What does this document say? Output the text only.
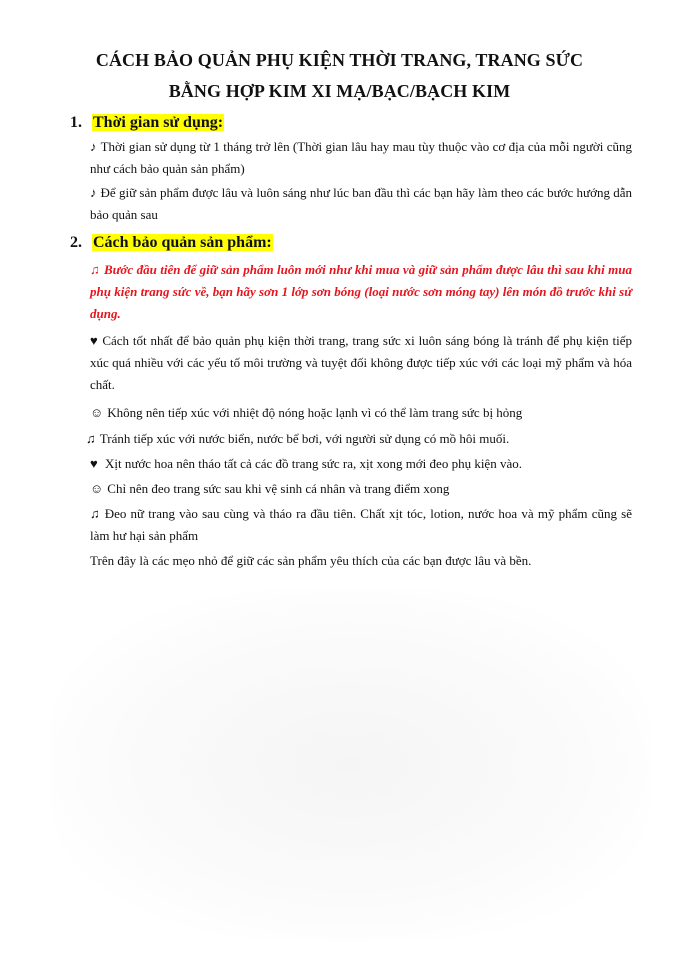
CÁCH BẢO QUẢN PHỤ KIỆN THỜI TRANG, TRANG SỨC
BẰNG HỢP KIM XI MẠ/BẠC/BẠCH KIM
1. Thời gian sử dụng:
♪ Thời gian sử dụng từ 1 tháng trở lên (Thời gian lâu hay mau tùy thuộc vào cơ địa của mỗi người cũng như cách bảo quản sản phẩm)
♪ Để giữ sản phẩm được lâu và luôn sáng như lúc ban đầu thì các bạn hãy làm theo các bước hướng dẫn bảo quản sau
2. Cách bảo quản sản phẩm:
♫ Bước đầu tiên để giữ sản phẩm luôn mới như khi mua và giữ sản phẩm được lâu thì sau khi mua phụ kiện trang sức về, bạn hãy sơn 1 lớp sơn bóng (loại nước sơn móng tay) lên món đồ trước khi sử dụng.
♥ Cách tốt nhất để bảo quản phụ kiện thời trang, trang sức xi luôn sáng bóng là tránh để phụ kiện tiếp xúc quá nhiều với các yếu tố môi trường và tuyệt đối không được tiếp xúc với các loại mỹ phẩm và hóa chất.
☺ Không nên tiếp xúc với nhiệt độ nóng hoặc lạnh vì có thể làm trang sức bị hỏng
♫ Tránh tiếp xúc với nước biển, nước bể bơi, với người sử dụng có mồ hôi muối.
♥ Xịt nước hoa nên tháo tất cả các đồ trang sức ra, xịt xong mới đeo phụ kiện vào.
☺ Chỉ nên đeo trang sức sau khi vệ sinh cá nhân và trang điểm xong
♫ Đeo nữ trang vào sau cùng và tháo ra đầu tiên. Chất xịt tóc, lotion, nước hoa và mỹ phẩm cũng sẽ làm hư hại sản phẩm
Trên đây là các mẹo nhỏ để giữ các sản phẩm yêu thích của các bạn được lâu và bền.
